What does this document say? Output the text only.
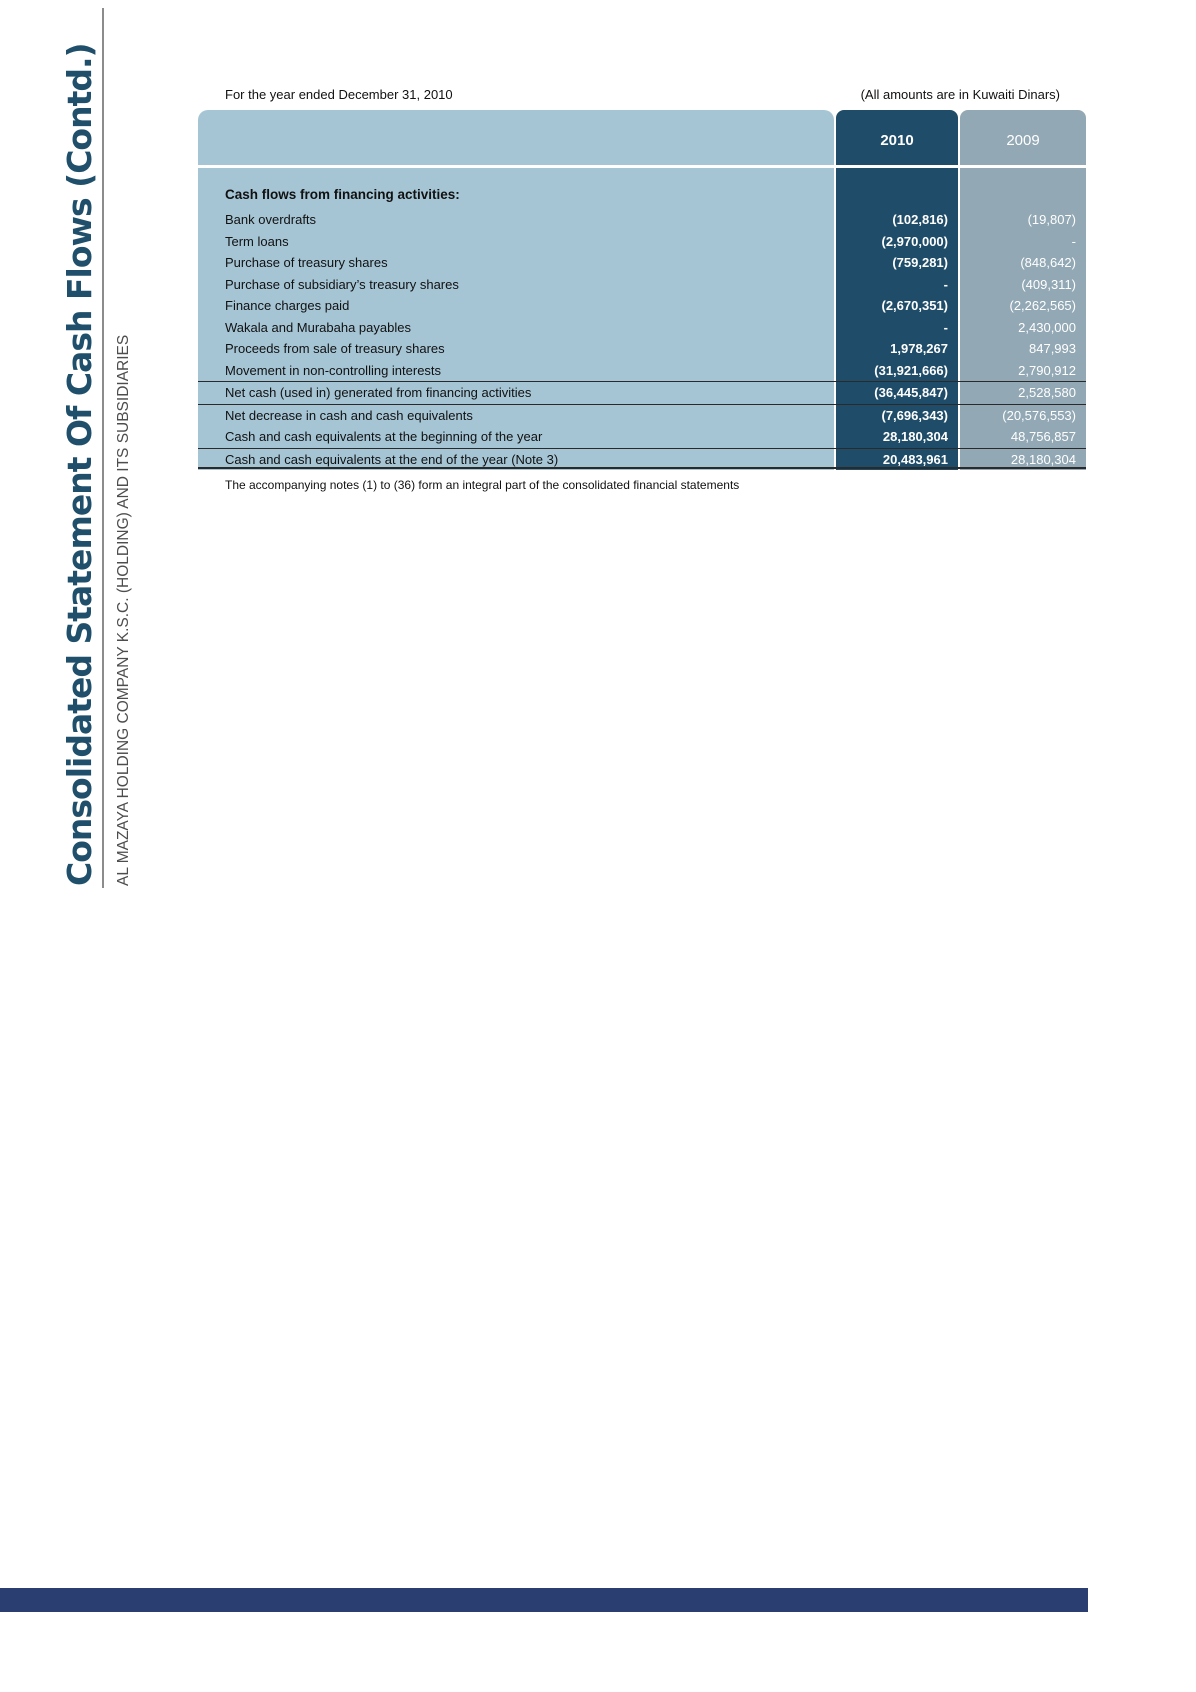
Consolidated Statement Of Cash Flows (Contd.) AL MAZAYA HOLDING COMPANY K.S.C. (HOLDING) AND ITS SUBSIDIARIES
For the year ended December 31, 2010	(All amounts are in Kuwaiti Dinars)
2010	2009
Cash flows from financing activities:
Bank overdrafts	(102,816)	(19,807)
Term loans	(2,970,000)	-
Purchase of treasury shares	(759,281)	(848,642)
Purchase of subsidiary’s treasury shares	-	(409,311)
Finance charges paid	(2,670,351)	(2,262,565)
Wakala and Murabaha payables	-	2,430,000
Proceeds from sale of treasury shares	1,978,267	847,993
Movement in non-controlling interests	(31,921,666)	2,790,912
Net cash (used in) generated from financing activities	(36,445,847)	2,528,580
Net decrease in cash and cash equivalents	(7,696,343)	(20,576,553)
Cash and cash equivalents at the beginning of the year	28,180,304	48,756,857
Cash and cash equivalents at the end of the year (Note 3)	20,483,961	28,180,304
The accompanying notes (1) to (36) form an integral part of the consolidated financial statements
